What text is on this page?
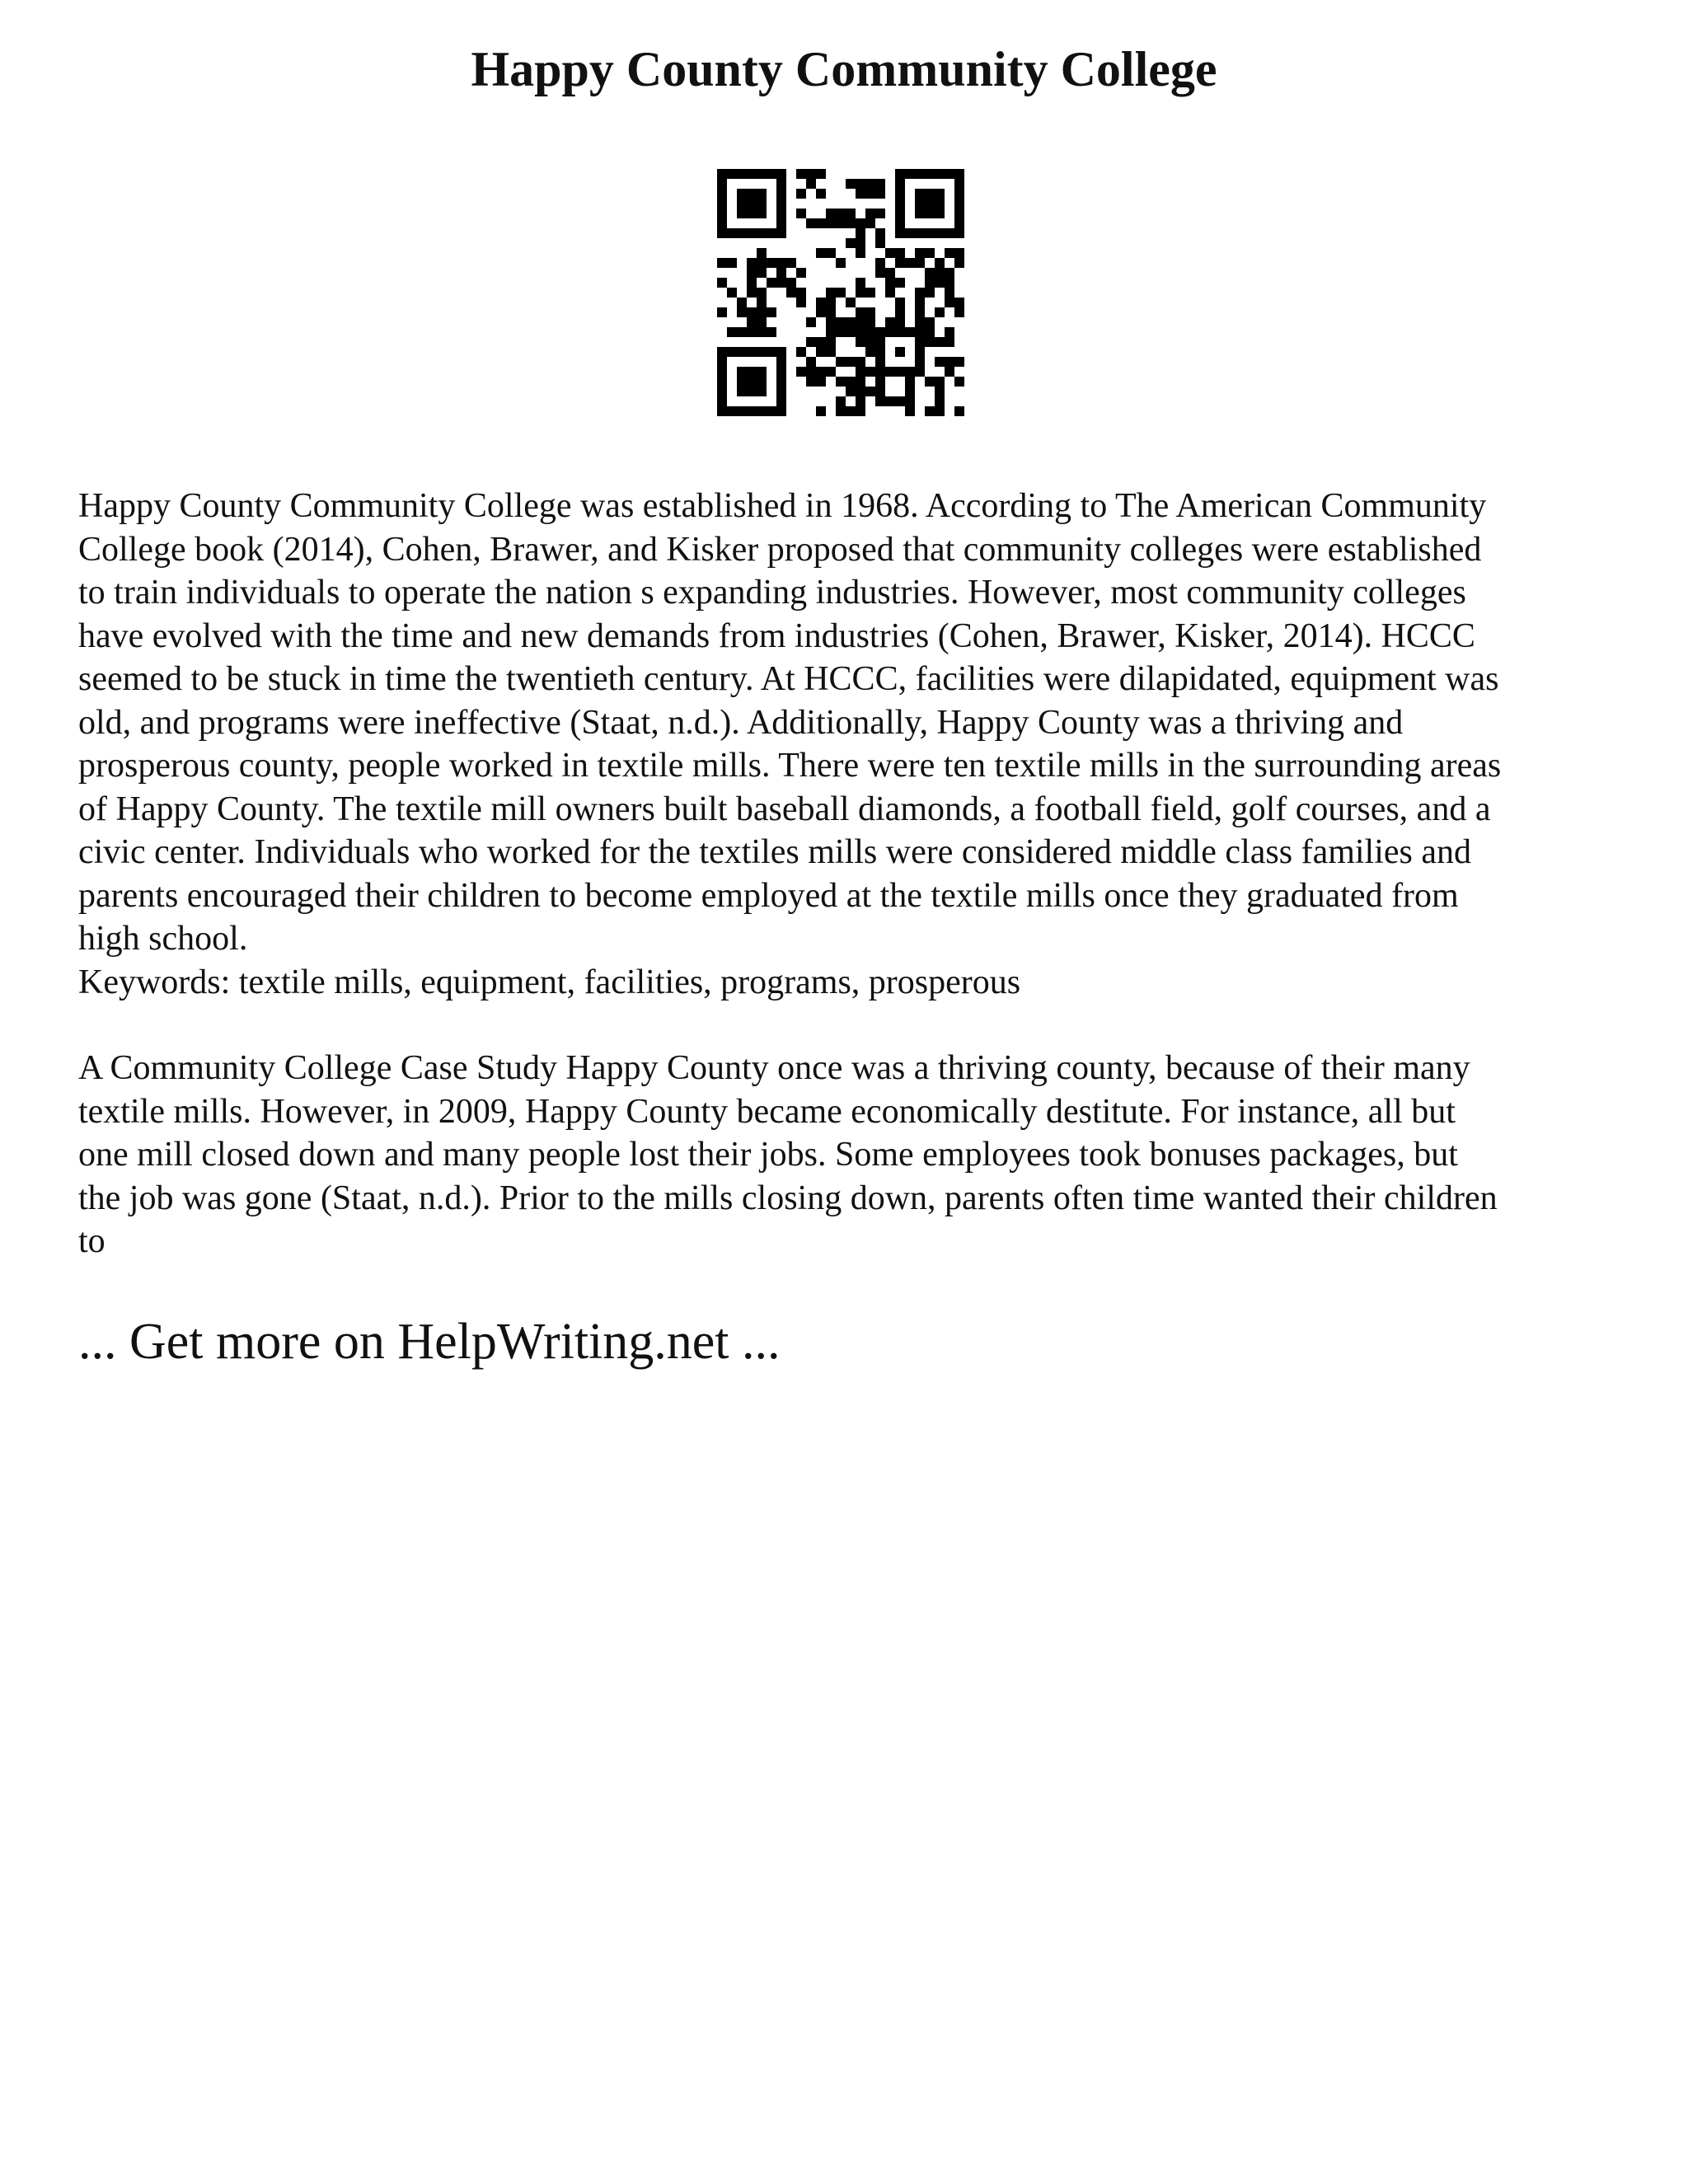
Happy County Community College

Happy County Community College was established in 1968. According to The American Community
College book (2014), Cohen, Brawer, and Kisker proposed that community colleges were established
to train individuals to operate the nation s expanding industries. However, most community colleges
have evolved with the time and new demands from industries (Cohen, Brawer, Kisker, 2014). HCCC
seemed to be stuck in time the twentieth century. At HCCC, facilities were dilapidated, equipment was
old, and programs were ineffective (Staat, n.d.). Additionally, Happy County was a thriving and
prosperous county, people worked in textile mills. There were ten textile mills in the surrounding areas
of Happy County. The textile mill owners built baseball diamonds, a football field, golf courses, and a
civic center. Individuals who worked for the textiles mills were considered middle class families and
parents encouraged their children to become employed at the textile mills once they graduated from
high school.

Keywords: textile mills, equipment, facilities, programs, prosperous

A Community College Case Study Happy County once was a thriving county, because of their many
textile mills. However, in 2009, Happy County became economically destitute. For instance, all but
one mill closed down and many people lost their jobs. Some employees took bonuses packages, but
the job was gone (Staat, n.d.). Prior to the mills closing down, parents often time wanted their children
to

... Get more on HelpWriting.net ...
